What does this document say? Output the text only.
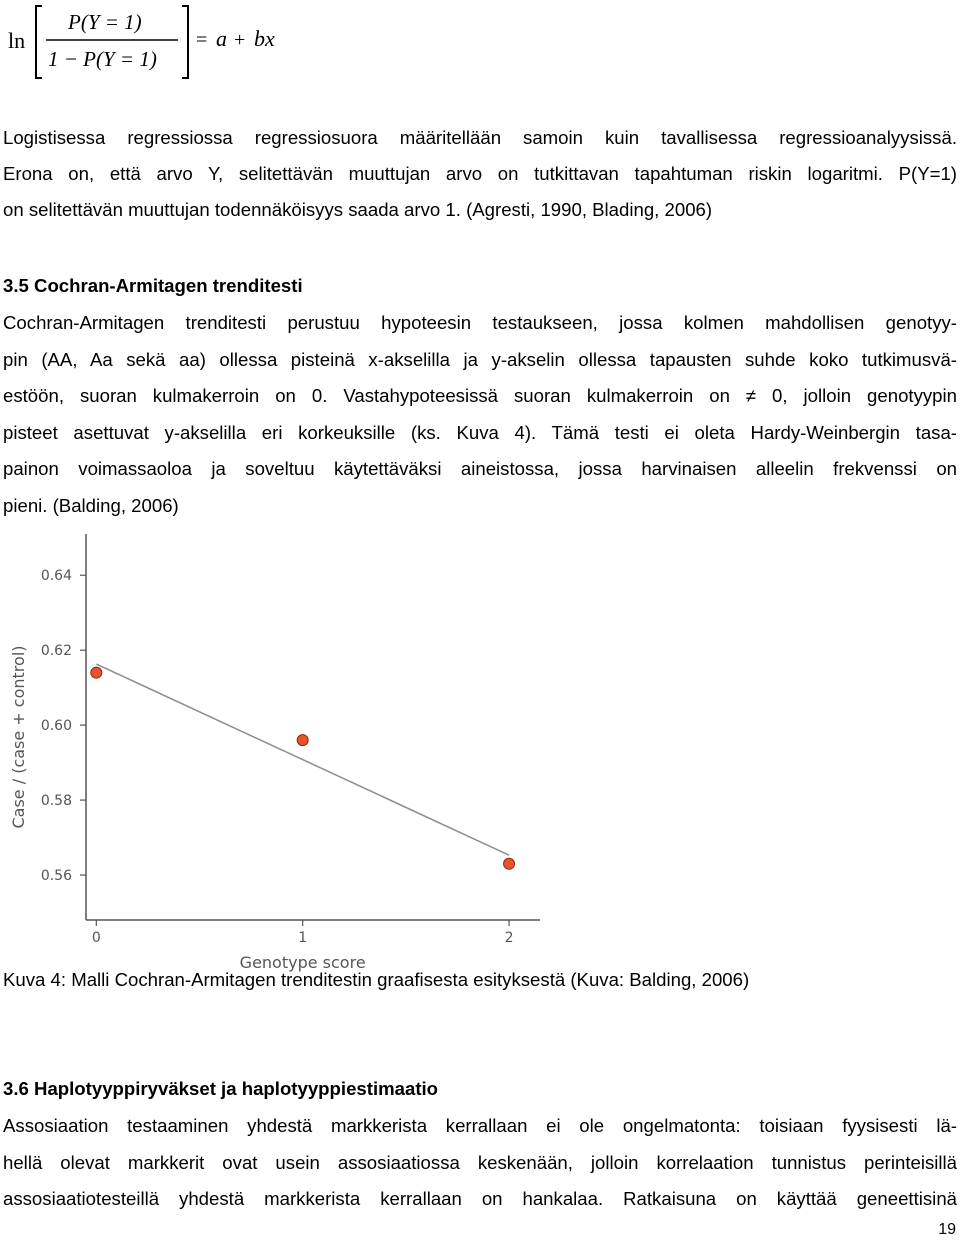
ln
P(Y = 1)
1 − P(Y = 1)
= a + bx
Logistisessa regressiossa regressiosuora määritellään samoin kuin tavallisessa regressioanalyysissä.
Erona on, että arvo Y, selitettävän muuttujan arvo on tutkittavan tapahtuman riskin logaritmi. P(Y=1)
on selitettävän muuttujan todennäköisyys saada arvo 1. (Agresti, 1990, Blading, 2006)
3.5 Cochran-Armitagen trenditesti
Cochran-Armitagen trenditesti perustuu hypoteesin testaukseen, jossa kolmen mahdollisen genotyy-
pin (AA, Aa sekä aa) ollessa pisteinä x-akselilla ja y-akselin ollessa tapausten suhde koko tutkimusvä-
estöön, suoran kulmakerroin on 0. Vastahypoteesissä suoran kulmakerroin on ≠ 0, jolloin genotyypin
pisteet asettuvat y-akselilla eri korkeuksille (ks. Kuva 4). Tämä testi ei oleta Hardy-Weinbergin tasa-
painon voimassaoloa ja soveltuu käytettäväksi aineistossa, jossa harvinaisen alleelin frekvenssi on
pieni. (Balding, 2006)
0.56
0.58
0.60
0.62
0.64
0	1	2
Genotype score
Case / (case + control)

Kuva 4: Malli Cochran-Armitagen trenditestin graafisesta esityksestä (Kuva: Balding, 2006)

3.6 Haplotyyppiryväkset ja haplotyyppiestimaatio
Assosiaation testaaminen yhdestä markkerista kerrallaan ei ole ongelmatonta: toisiaan fyysisesti lä-
hellä olevat markkerit ovat usein assosiaatiossa keskenään, jolloin korrelaation tunnistus perinteisillä
assosiaatiotesteillä yhdestä markkerista kerrallaan on hankalaa. Ratkaisuna on käyttää geneettisinä
19
